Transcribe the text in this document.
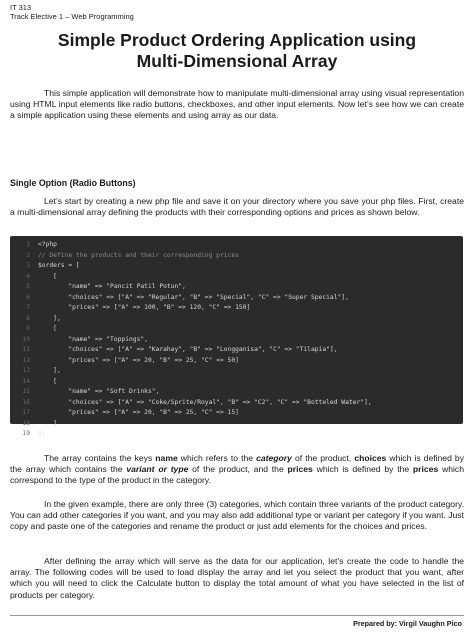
IT 313
Track Elective 1 – Web Programming
Simple Product Ordering Application using
Multi-Dimensional Array

This simple application will demonstrate how to manipulate multi-dimensional array using visual representation using HTML input elements like radio buttons, checkboxes, and other input elements. Now let’s see how we can create a simple application using these elements and using array as our data.

Single Option (Radio Buttons)

Let’s start by creating a new php file and save it on your directory where you save your php files. First, create a multi-dimensional array defining the products with their corresponding options and prices as shown below.

1	<?php
2	// Define the products and their corresponding prices
3	$orders = [
4	[
5	"name" => "Pancit Patil Potun",
6	"choices" => ["A" => "Regular", "B" => "Special", "C" => "Super Special"],
7	"prices" => ["A" => 100, "B" => 120, "C" => 150]
8	],
9	[
10	"name" => "Toppings",
11	"choices" => ["A" => "Karahay", "B" => "Longganisa", "C" => "Tilapia"],
12	"prices" => ["A" => 20, "B" => 25, "C" => 50]
13	],
14	[
15	"name" => "Soft Drinks",
16	"choices" => ["A" => "Coke/Sprite/Royal", "B" => "C2", "C" => "Botteled Water"],
17	"prices" => ["A" => 20, "B" => 25, "C" => 15]
18	]
19	];

The array contains the keys name which refers to the category of the product, choices which is defined by the array which contains the variant or type of the product, and the prices which is defined by the prices which correspond to the type of the product in the category.

In the given example, there are only three (3) categories, which contain three variants of the product category. You can add other categories if you want, and you may also add additional type or variant per category if you want. Just copy and paste one of the categories and rename the product or just add elements for the choices and prices.

After defining the array which will serve as the data for our application, let’s create the code to handle the array. The following codes will be used to load display the array and let you select the product that you want, after which you will need to click the Calculate button to display the total amount of what you have selected in the list of products per category.

Prepared by: Virgil Vaughn Pico
